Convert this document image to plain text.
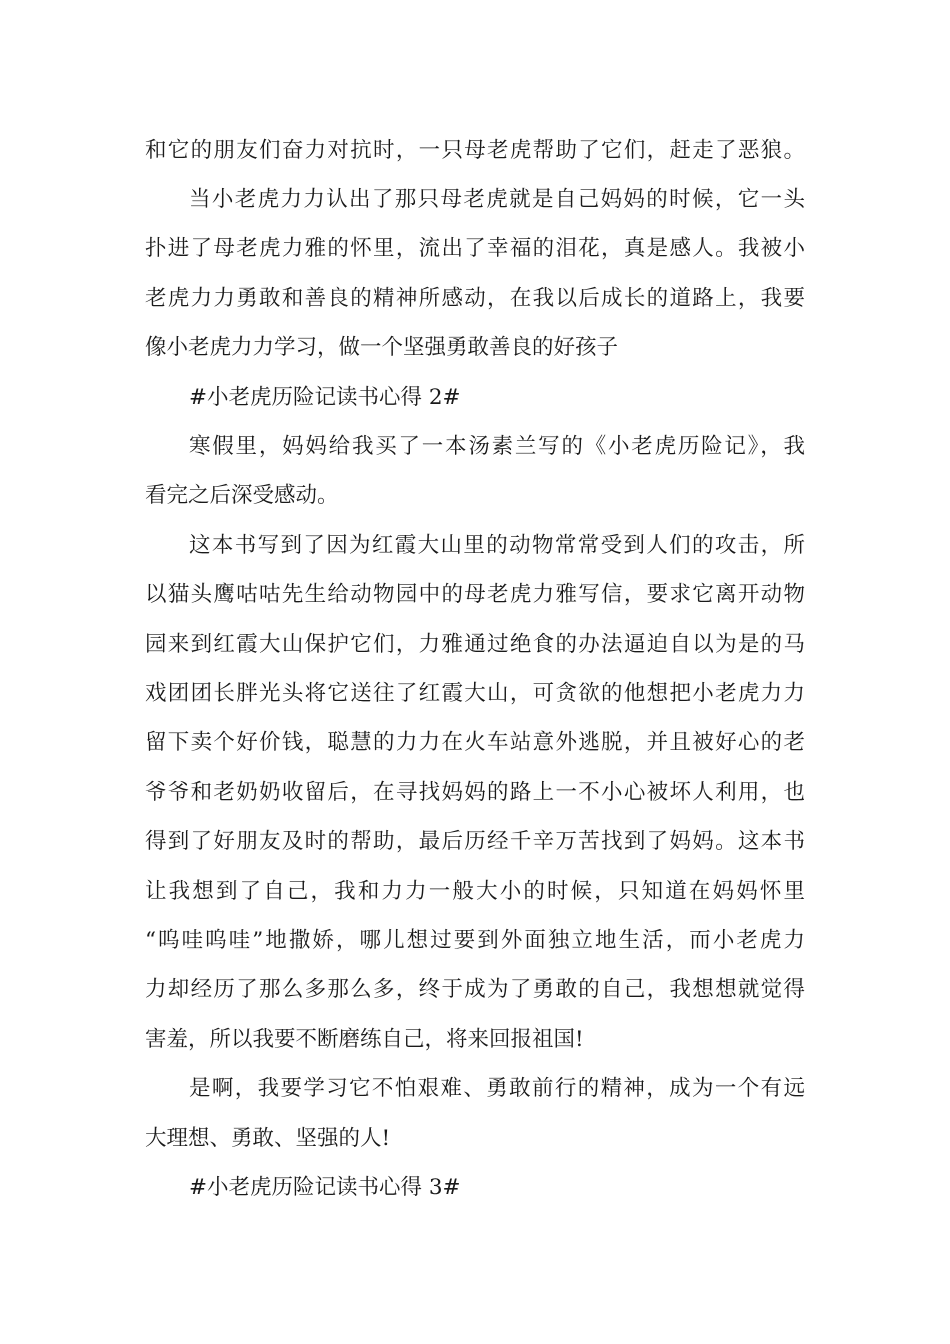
和它的朋友们奋力对抗时，一只母老虎帮助了它们，赶走了恶狼。
当小老虎力力认出了那只母老虎就是自己妈妈的时候，它一头
扑进了母老虎力雅的怀里，流出了幸福的泪花，真是感人。我被小
老虎力力勇敢和善良的精神所感动，在我以后成长的道路上，我要
像小老虎力力学习，做一个坚强勇敢善良的好孩子
#小老虎历险记读书心得 2#
寒假里，妈妈给我买了一本汤素兰写的《小老虎历险记》，我
看完之后深受感动。
这本书写到了因为红霞大山里的动物常常受到人们的攻击，所
以猫头鹰咕咕先生给动物园中的母老虎力雅写信，要求它离开动物
园来到红霞大山保护它们，力雅通过绝食的办法逼迫自以为是的马
戏团团长胖光头将它送往了红霞大山，可贪欲的他想把小老虎力力
留下卖个好价钱，聪慧的力力在火车站意外逃脱，并且被好心的老
爷爷和老奶奶收留后，在寻找妈妈的路上一不小心被坏人利用，也
得到了好朋友及时的帮助，最后历经千辛万苦找到了妈妈。这本书
让我想到了自己，我和力力一般大小的时候，只知道在妈妈怀里
“呜哇呜哇”地撒娇，哪儿想过要到外面独立地生活，而小老虎力
力却经历了那么多那么多，终于成为了勇敢的自己，我想想就觉得
害羞，所以我要不断磨练自己，将来回报祖国!
是啊，我要学习它不怕艰难、勇敢前行的精神，成为一个有远
大理想、勇敢、坚强的人!
#小老虎历险记读书心得 3#
